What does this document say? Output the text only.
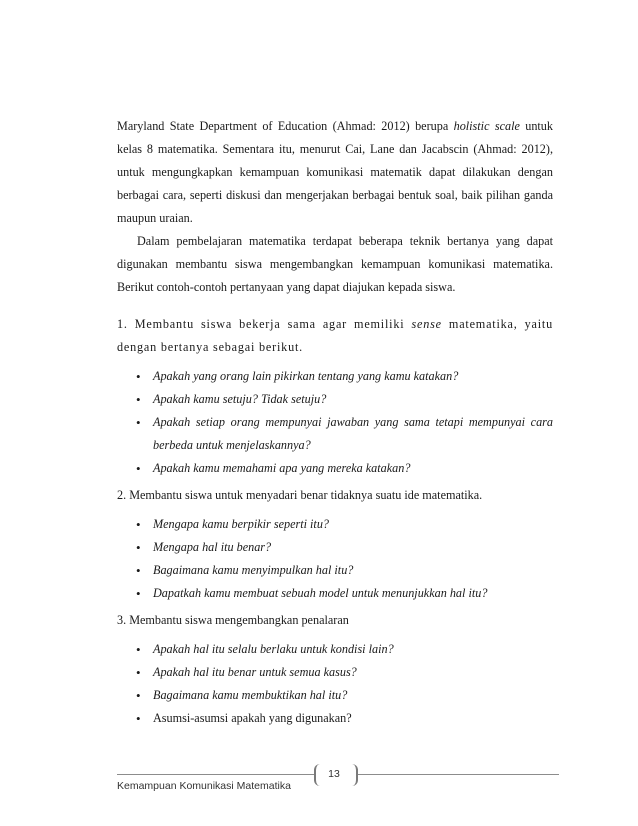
Maryland State Department of Education (Ahmad: 2012) berupa holistic scale untuk kelas 8 matematika. Sementara itu, menurut Cai, Lane dan Jacabscin (Ahmad: 2012), untuk mengungkapkan kemampuan komunikasi matematik dapat dilakukan dengan berbagai cara, seperti diskusi dan mengerjakan berbagai bentuk soal, baik pilihan ganda maupun uraian.

Dalam pembelajaran matematika terdapat beberapa teknik bertanya yang dapat digunakan membantu siswa mengembangkan kemampuan komunikasi matematika. Berikut contoh-contoh pertanyaan yang dapat diajukan kepada siswa.

1. Membantu siswa bekerja sama agar memiliki sense matematika, yaitu dengan bertanya sebagai berikut.

• Apakah yang orang lain pikirkan tentang yang kamu katakan?
• Apakah kamu setuju? Tidak setuju?
• Apakah setiap orang mempunyai jawaban yang sama tetapi mempunyai cara berbeda untuk menjelaskannya?
• Apakah kamu memahami apa yang mereka katakan?

2. Membantu siswa untuk menyadari benar tidaknya suatu ide matematika.

• Mengapa kamu berpikir seperti itu?
• Mengapa hal itu benar?
• Bagaimana kamu menyimpulkan hal itu?
• Dapatkah kamu membuat sebuah model untuk menunjukkan hal itu?

3. Membantu siswa mengembangkan penalaran

• Apakah hal itu selalu berlaku untuk kondisi lain?
• Apakah hal itu benar untuk semua kasus?
• Bagaimana kamu membuktikan hal itu?
• Asumsi-asumsi apakah yang digunakan?
Kemampuan Komunikasi Matematika
13
